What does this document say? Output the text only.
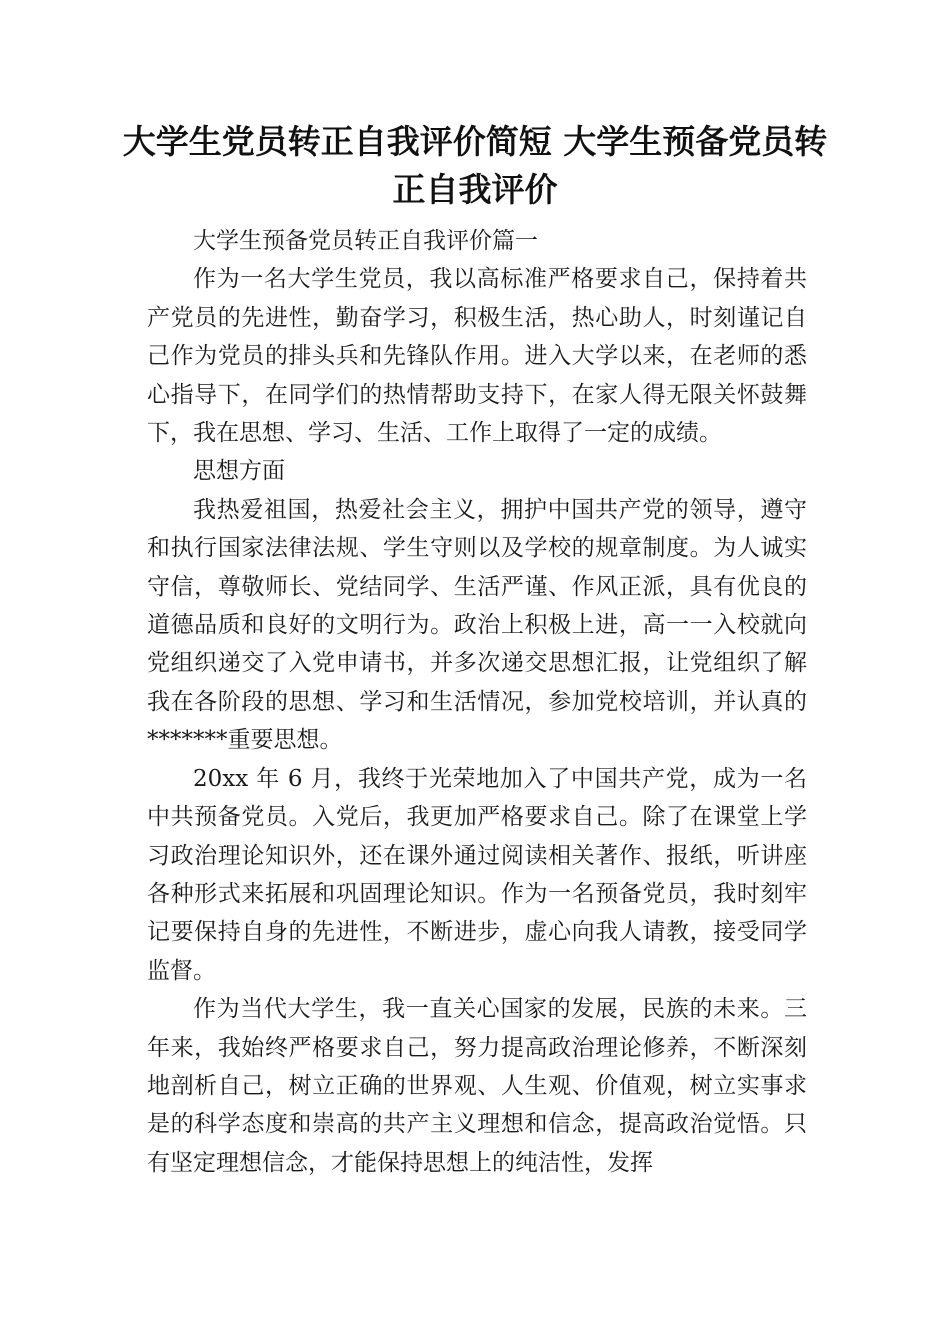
大学生党员转正自我评价简短 大学生预备党员转正自我评价

大学生预备党员转正自我评价篇一

作为一名大学生党员，我以高标准严格要求自己，保持着共产党员的先进性，勤奋学习，积极生活，热心助人，时刻谨记自己作为党员的排头兵和先锋队作用。进入大学以来，在老师的悉心指导下，在同学们的热情帮助支持下，在家人得无限关怀鼓舞下，我在思想、学习、生活、工作上取得了一定的成绩。

思想方面

我热爱祖国，热爱社会主义，拥护中国共产党的领导，遵守和执行国家法律法规、学生守则以及学校的规章制度。为人诚实守信，尊敬师长、党结同学、生活严谨、作风正派，具有优良的道德品质和良好的文明行为。政治上积极上进，高一一入校就向党组织递交了入党申请书，并多次递交思想汇报，让党组织了解我在各阶段的思想、学习和生活情况，参加党校培训，并认真的*******重要思想。

20xx 年 6 月，我终于光荣地加入了中国共产党，成为一名中共预备党员。入党后，我更加严格要求自己。除了在课堂上学习政治理论知识外，还在课外通过阅读相关著作、报纸，听讲座各种形式来拓展和巩固理论知识。作为一名预备党员，我时刻牢记要保持自身的先进性，不断进步，虚心向我人请教，接受同学监督。

作为当代大学生，我一直关心国家的发展，民族的未来。三年来，我始终严格要求自己，努力提高政治理论修养，不断深刻地剖析自己，树立正确的世界观、人生观、价值观，树立实事求是的科学态度和崇高的共产主义理想和信念，提高政治觉悟。只有坚定理想信念，才能保持思想上的纯洁性，发挥
